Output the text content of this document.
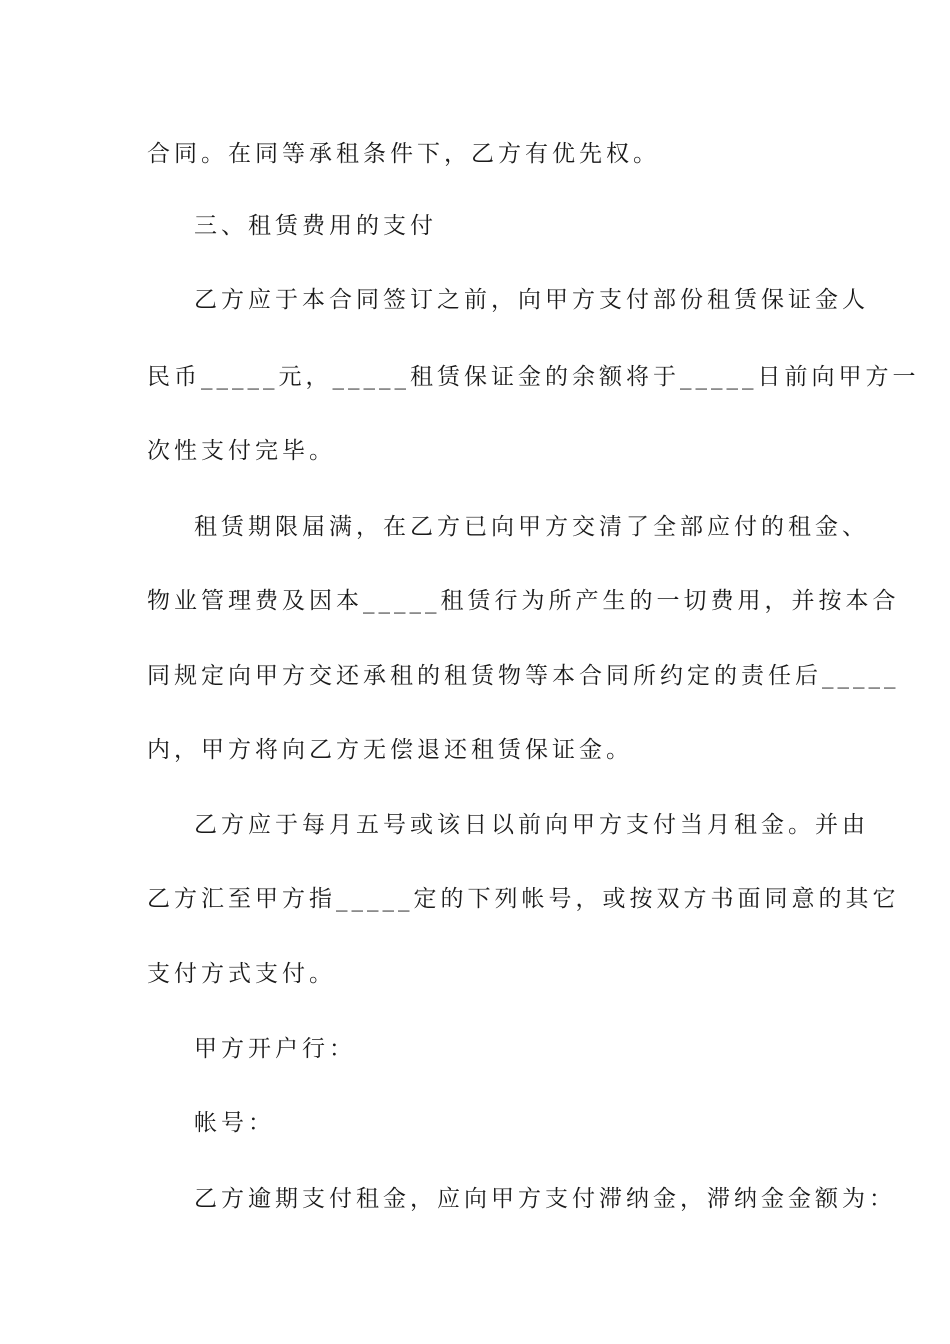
合同。在同等承租条件下，乙方有优先权。
三、租赁费用的支付
乙方应于本合同签订之前，向甲方支付部份租赁保证金人
民币_____元，_____租赁保证金的余额将于_____日前向甲方一
次性支付完毕。
租赁期限届满，在乙方已向甲方交清了全部应付的租金、
物业管理费及因本_____租赁行为所产生的一切费用，并按本合
同规定向甲方交还承租的租赁物等本合同所约定的责任后_____
内，甲方将向乙方无偿退还租赁保证金。
乙方应于每月五号或该日以前向甲方支付当月租金。并由
乙方汇至甲方指_____定的下列帐号，或按双方书面同意的其它
支付方式支付。
甲方开户行：
帐号：
乙方逾期支付租金，应向甲方支付滞纳金，滞纳金金额为：
